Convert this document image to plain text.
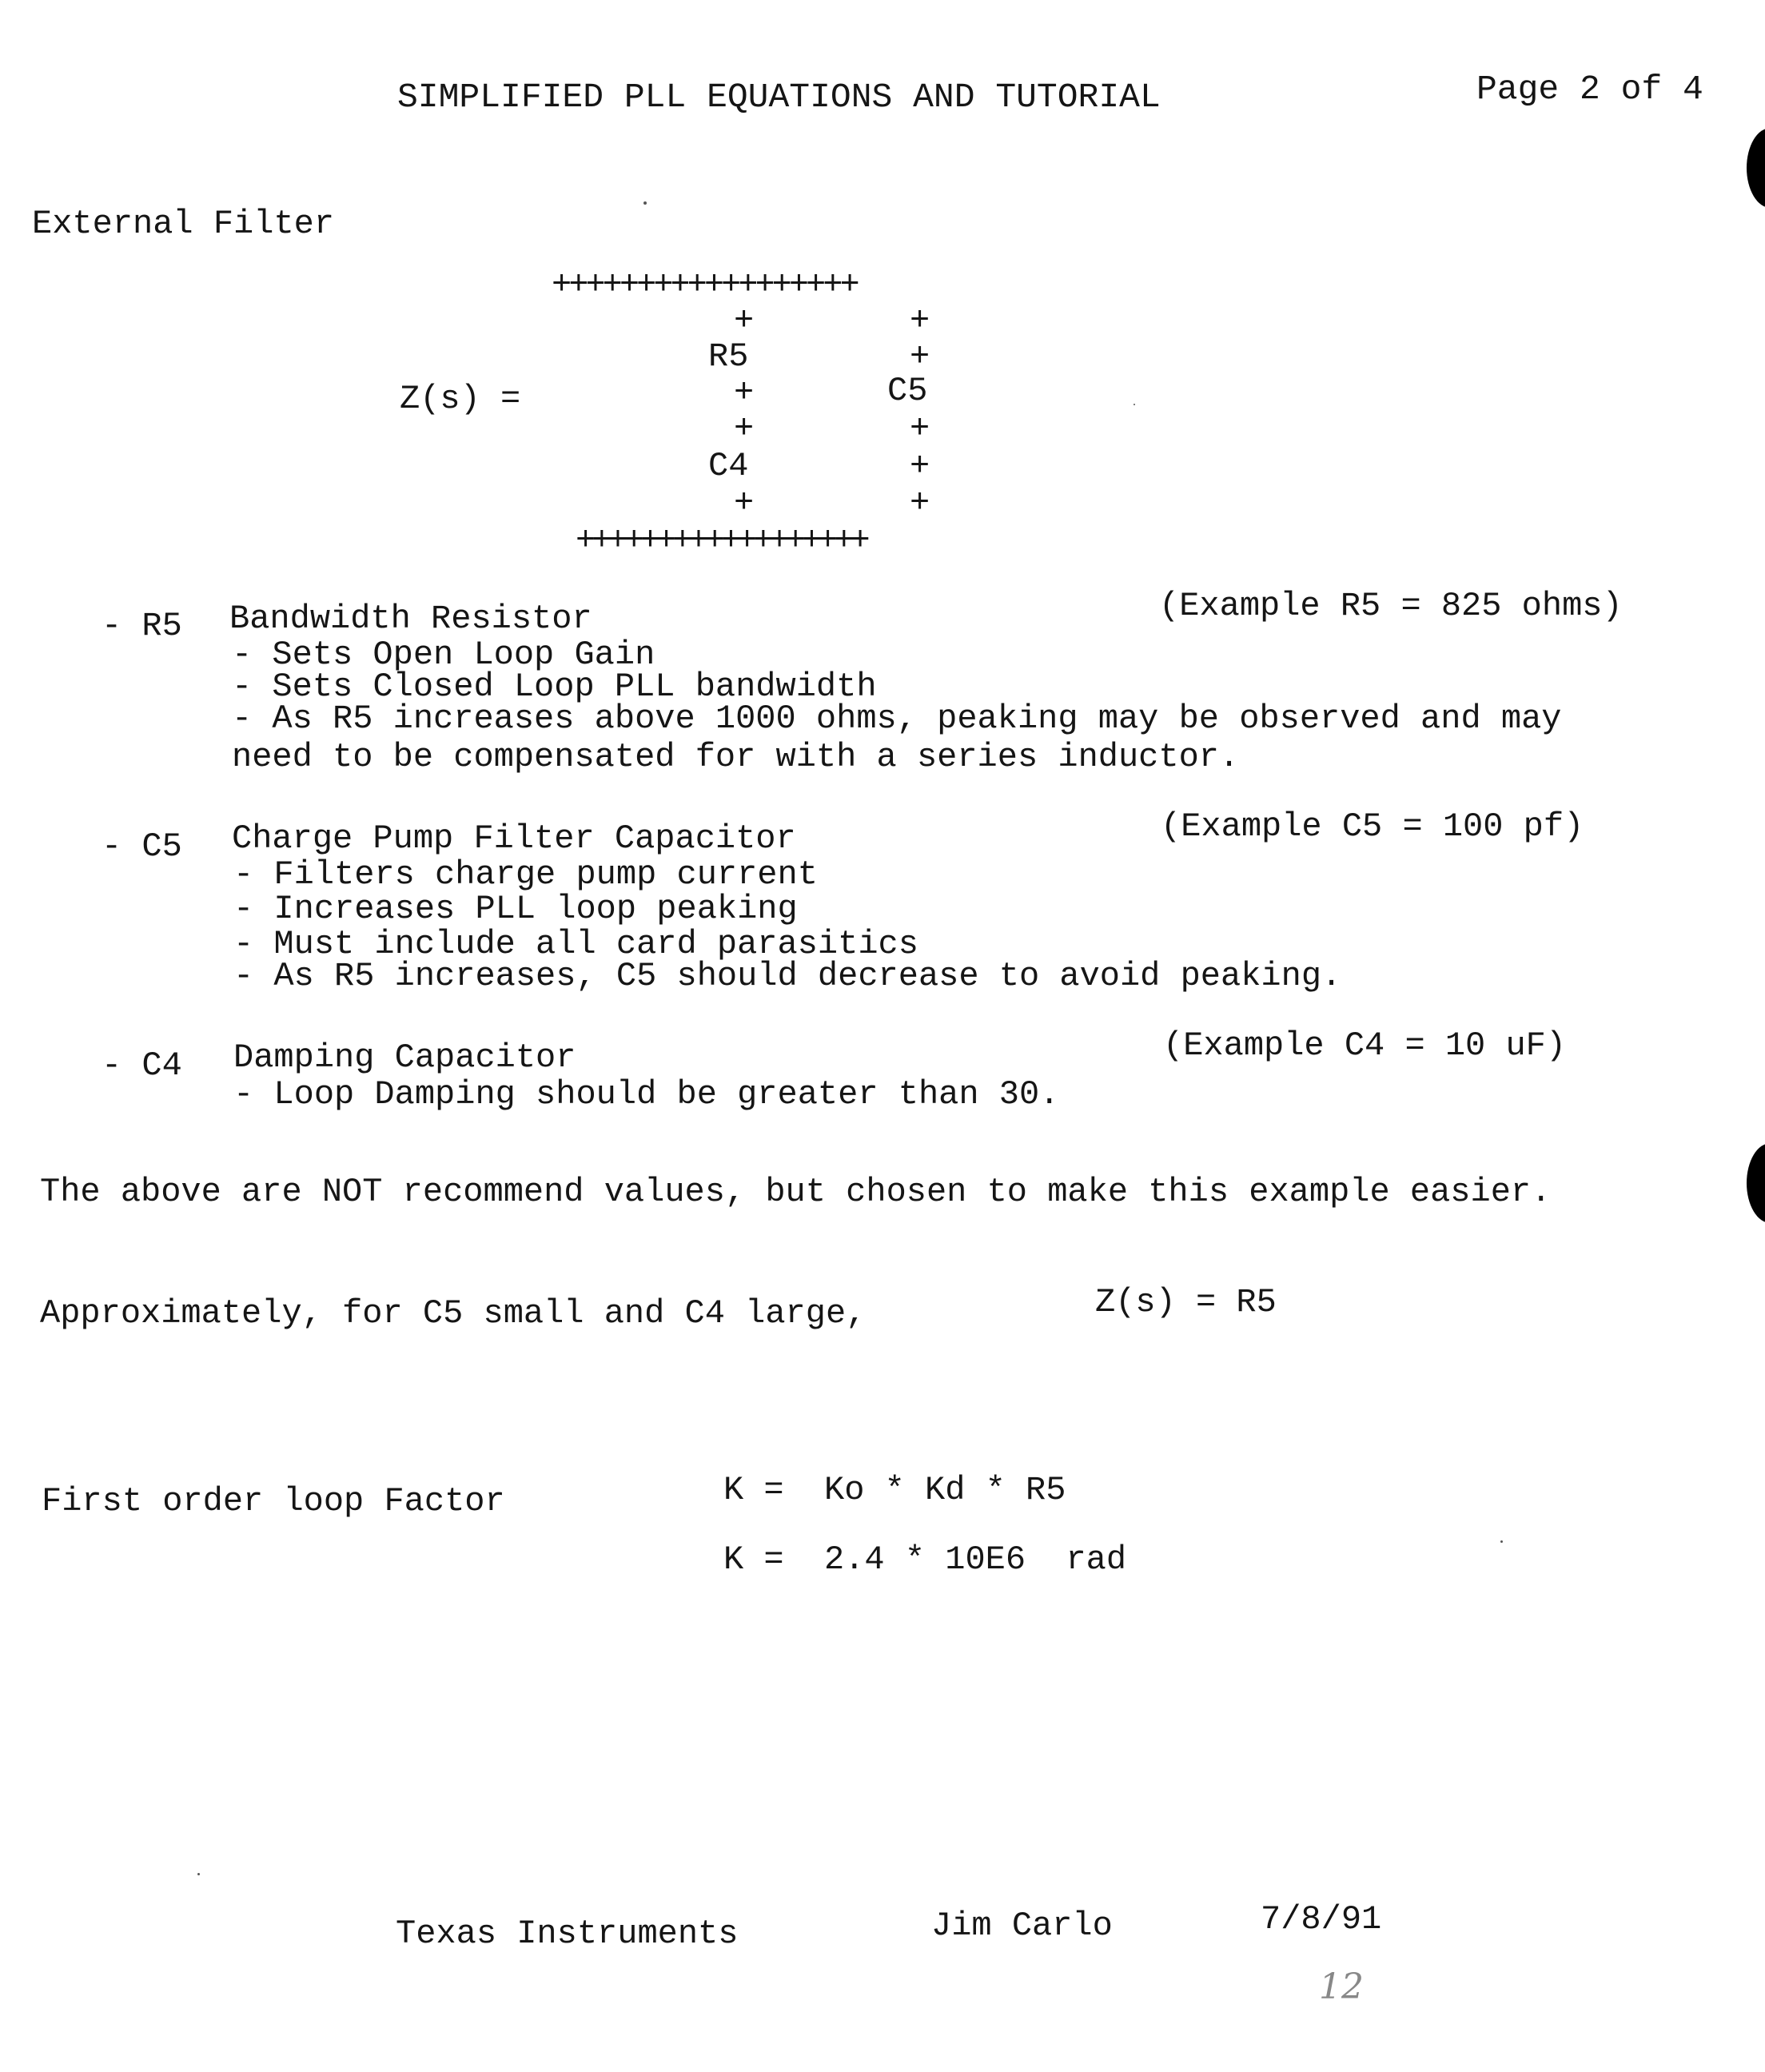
SIMPLIFIED PLL EQUATIONS AND TUTORIAL	Page 2 of 4
External Filter
++++++++++++++++++
+	+
R5	+
Z(s) =	+	C5
+	+
C4	+
+	+
++++++++++++++++++
- R5 Bandwidth Resistor	(Example R5 = 825 ohms)
- Sets Open Loop Gain
- Sets Closed Loop PLL bandwidth
- As R5 increases above 1000 ohms, peaking may be observed and may
need to be compensated for with a series inductor.
- C5 Charge Pump Filter Capacitor	(Example C5 = 100 pf)
- Filters charge pump current
- Increases PLL loop peaking
- Must include all card parasitics
- As R5 increases, C5 should decrease to avoid peaking.
- C4 Damping Capacitor	(Example C4 = 10 uF)
- Loop Damping should be greater than 30.
The above are NOT recommend values, but chosen to make this example easier.
Approximately, for C5 small and C4 large,	Z(s) = R5
First order loop Factor	K =  Ko * Kd * R5
K =  2.4 * 10E6  rad
Texas Instruments	Jim Carlo	7/8/91
12
